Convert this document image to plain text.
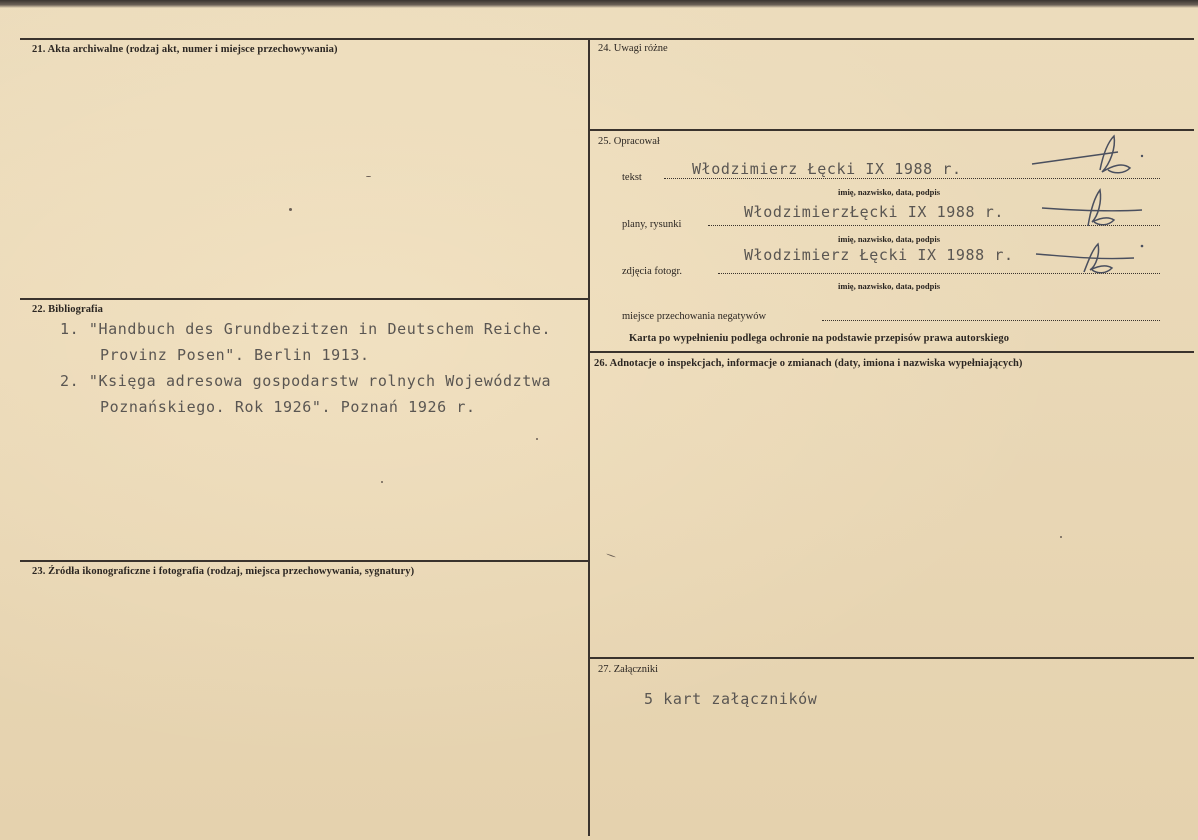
21. Akta archiwalne (rodzaj akt, numer i miejsce przechowywania)
22. Bibliografia
1. "Handbuch des Grundbezitzen in Deutschem Reiche.
Provinz Posen". Berlin 1913.
2. "Księga adresowa gospodarstw rolnych Województwa
Poznańskiego. Rok 1926". Poznań 1926 r.
23. Źródła ikonograficzne i fotografia (rodzaj, miejsca przechowywania, sygnatury)
24. Uwagi różne
25. Opracował
tekst	Włodzimierz Łęcki IX 1988 r.
imię, nazwisko, data, podpis
plany, rysunki
WłodzimierzŁęcki IX 1988 r.
imię, nazwisko, data, podpis
zdjęcia fotogr.
Włodzimierz Łęcki IX 1988 r.
imię, nazwisko, data, podpis
miejsce przechowania negatywów
Karta po wypełnieniu podlega ochronie na podstawie przepisów prawa autorskiego
26. Adnotacje o inspekcjach, informacje o zmianach (daty, imiona i nazwiska wypełniających)
27. Załączniki
5 kart załączników
